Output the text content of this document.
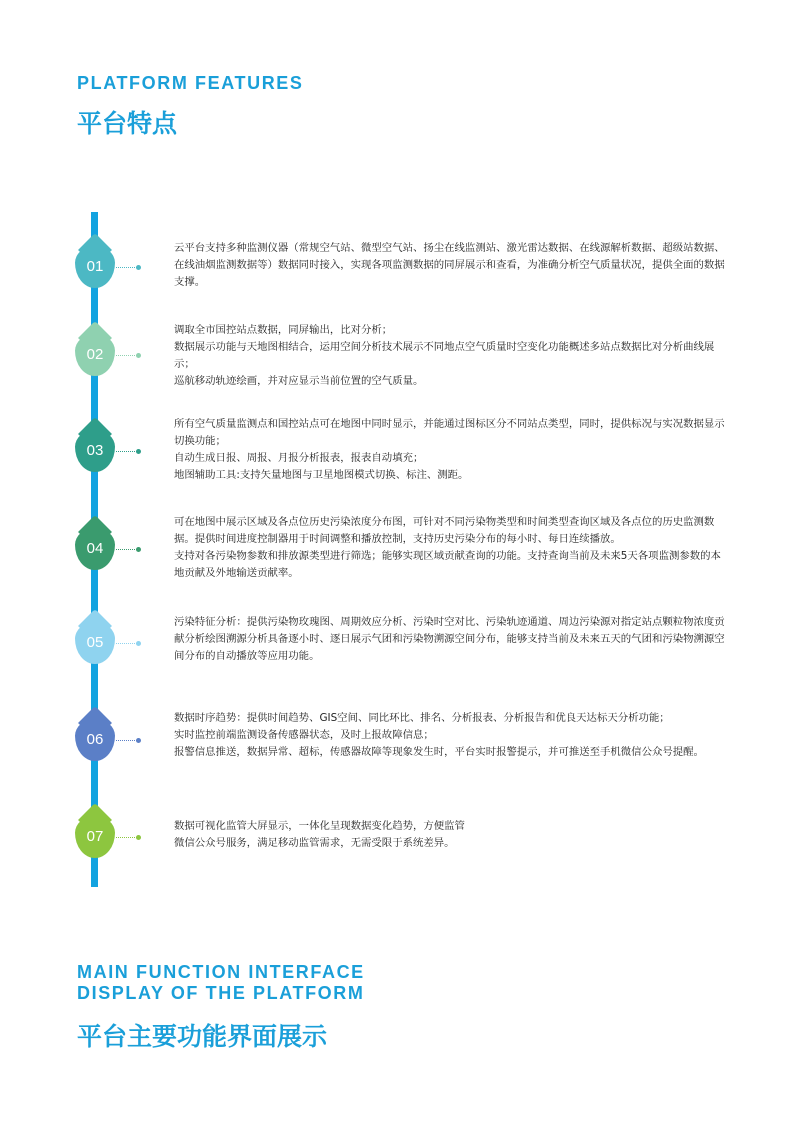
PLATFORM FEATURES
平台特点
01

云平台支持多种监测仪器（常规空气站、微型空气站、扬尘在线监测站、激光雷达数据、在线源解析数据、超级站数据、在线油烟监测数据等）数据同时接入，实现各项监测数据的同屏展示和查看，为准确分析空气质量状况，提供全面的数据支撑。

02

调取全市国控站点数据，同屏输出，比对分析；

数据展示功能与天地图相结合，运用空间分析技术展示不同地点空气质量时空变化功能概述多站点数据比对分析曲线展示；

巡航移动轨迹绘画，并对应显示当前位置的空气质量。

03

所有空气质量监测点和国控站点可在地图中同时显示，并能通过图标区分不同站点类型，同时，提供标况与实况数据显示切换功能；

自动生成日报、周报、月报分析报表，报表自动填充；

地图辅助工具:支持矢量地图与卫星地图模式切换、标注、测距。

04

可在地图中展示区域及各点位历史污染浓度分布图，可针对不同污染物类型和时间类型查询区域及各点位的历史监测数据。提供时间进度控制器用于时间调整和播放控制，支持历史污染分布的每小时、每日连续播放。

支持对各污染物参数和排放源类型进行筛选；能够实现区域贡献查询的功能。支持查询当前及未来5天各项监测参数的本地贡献及外地输送贡献率。

05

污染特征分析：提供污染物玫瑰图、周期效应分析、污染时空对比、污染轨迹通道、周边污染源对指定站点颗粒物浓度贡献分析绘图溯源分析具备逐小时、逐日展示气团和污染物溯源空间分布，能够支持当前及未来五天的气团和污染物溯源空间分布的自动播放等应用功能。

06

数据时序趋势：提供时间趋势、GIS空间、同比环比、排名、分析报表、分析报告和优良天达标天分析功能；

实时监控前端监测设备传感器状态，及时上报故障信息；

报警信息推送，数据异常、超标，传感器故障等现象发生时，平台实时报警提示，并可推送至手机微信公众号提醒。

07

数据可视化监管大屏显示，一体化呈现数据变化趋势，方便监管

微信公众号服务，满足移动监管需求，无需受限于系统差异。

MAIN FUNCTION INTERFACE
DISPLAY OF THE PLATFORM
平台主要功能界面展示
